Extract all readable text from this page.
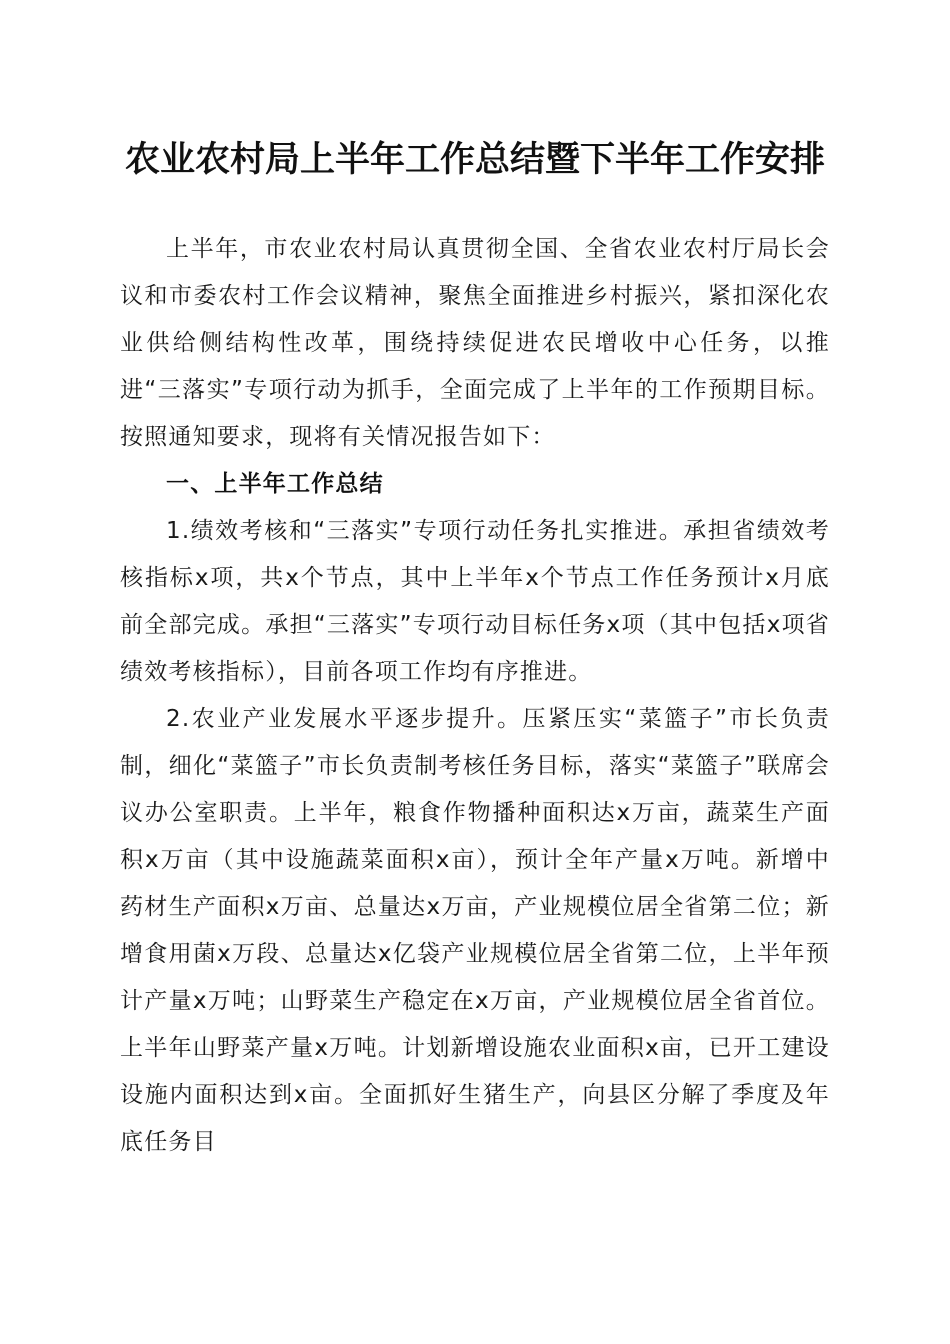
农业农村局上半年工作总结暨下半年工作安排

上半年，市农业农村局认真贯彻全国、全省农业农村厅局长会议和市委农村工作会议精神，聚焦全面推进乡村振兴，紧扣深化农业供给侧结构性改革，围绕持续促进农民增收中心任务，以推进“三落实”专项行动为抓手，全面完成了上半年的工作预期目标。按照通知要求，现将有关情况报告如下：

一、上半年工作总结

1.绩效考核和“三落实”专项行动任务扎实推进。承担省绩效考核指标x项，共x个节点，其中上半年x个节点工作任务预计x月底前全部完成。承担“三落实”专项行动目标任务x项（其中包括x项省绩效考核指标），目前各项工作均有序推进。

2.农业产业发展水平逐步提升。压紧压实“菜篮子”市长负责制，细化“菜篮子”市长负责制考核任务目标，落实“菜篮子”联席会议办公室职责。上半年，粮食作物播种面积达x万亩，蔬菜生产面积x万亩（其中设施蔬菜面积x亩），预计全年产量x万吨。新增中药材生产面积x万亩、总量达x万亩，产业规模位居全省第二位；新增食用菌x万段、总量达x亿袋产业规模位居全省第二位，上半年预计产量x万吨；山野菜生产稳定在x万亩，产业规模位居全省首位。上半年山野菜产量x万吨。计划新增设施农业面积x亩，已开工建设设施内面积达到x亩。全面抓好生猪生产，向县区分解了季度及年底任务目
